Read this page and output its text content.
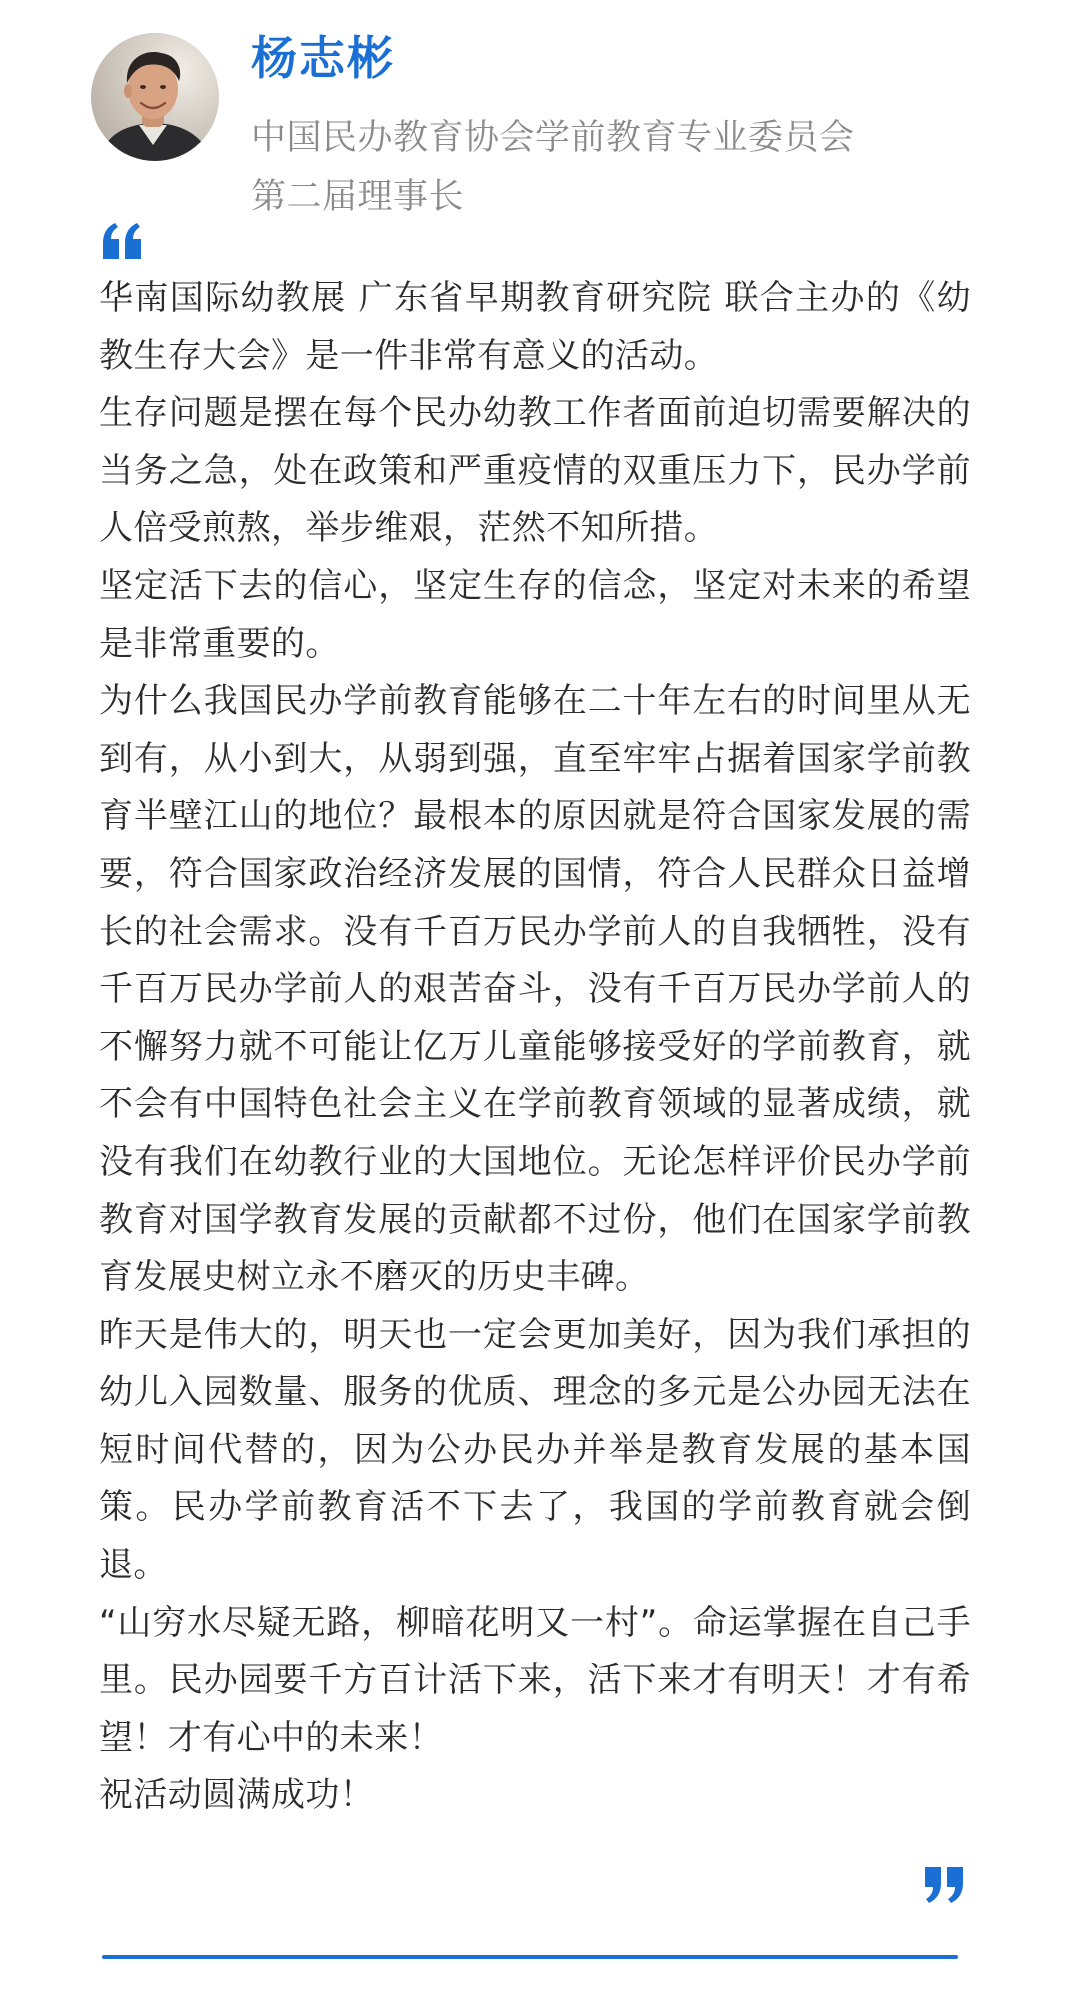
杨志彬
中国民办教育协会学前教育专业委员会
第二届理事长

华南国际幼教展 广东省早期教育研究院 联合主办的《幼教生存大会》是一件非常有意义的活动。

生存问题是摆在每个民办幼教工作者面前迫切需要解决的当务之急，处在政策和严重疫情的双重压力下，民办学前人倍受煎熬，举步维艰，茫然不知所措。

坚定活下去的信心，坚定生存的信念，坚定对未来的希望是非常重要的。

为什么我国民办学前教育能够在二十年左右的时间里从无到有，从小到大，从弱到强，直至牢牢占据着国家学前教育半壁江山的地位？最根本的原因就是符合国家发展的需要，符合国家政治经济发展的国情，符合人民群众日益增长的社会需求。没有千百万民办学前人的自我牺牲，没有千百万民办学前人的艰苦奋斗，没有千百万民办学前人的不懈努力就不可能让亿万儿童能够接受好的学前教育，就不会有中国特色社会主义在学前教育领域的显著成绩，就没有我们在幼教行业的大国地位。无论怎样评价民办学前教育对国学教育发展的贡献都不过份，他们在国家学前教育发展史树立永不磨灭的历史丰碑。

昨天是伟大的，明天也一定会更加美好，因为我们承担的幼儿入园数量、服务的优质、理念的多元是公办园无法在短时间代替的，因为公办民办并举是教育发展的基本国策。民办学前教育活不下去了，我国的学前教育就会倒退。

“山穷水尽疑无路，柳暗花明又一村”。命运掌握在自己手里。民办园要千方百计活下来，活下来才有明天！才有希望！才有心中的未来！

祝活动圆满成功！
